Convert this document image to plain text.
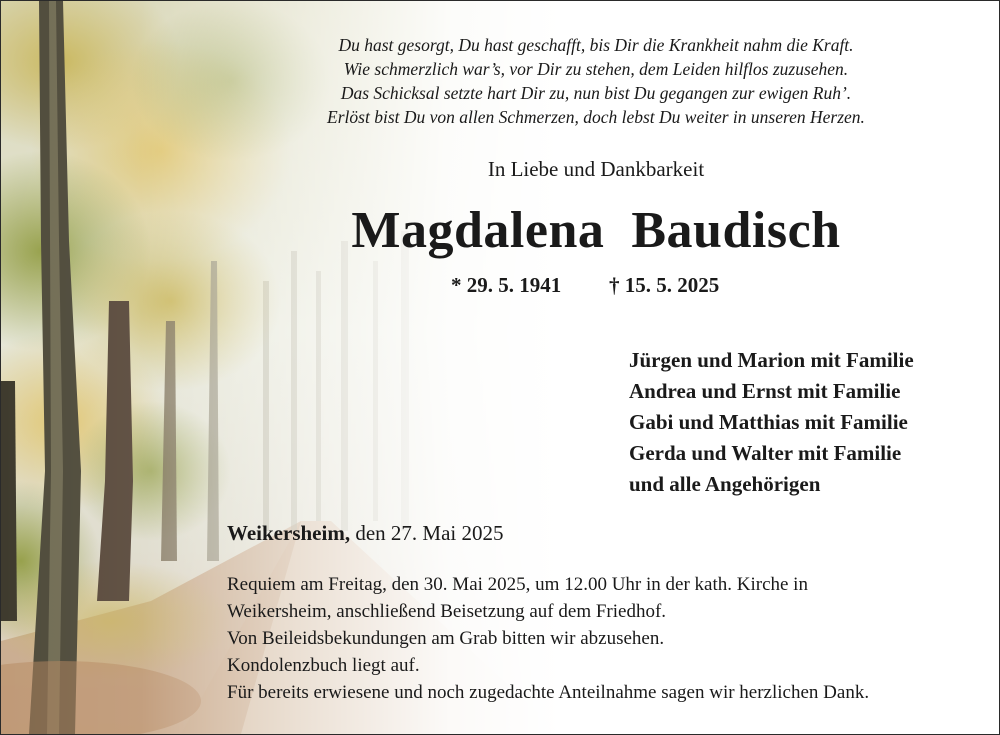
Du hast gesorgt, Du hast geschafft, bis Dir die Krankheit nahm die Kraft.
Wie schmerzlich war’s, vor Dir zu stehen, dem Leiden hilflos zuzusehen.
Das Schicksal setzte hart Dir zu, nun bist Du gegangen zur ewigen Ruh’.
Erlöst bist Du von allen Schmerzen, doch lebst Du weiter in unseren Herzen.
In Liebe und Dankbarkeit
Magdalena  Baudisch
* 29. 5. 1941 † 15. 5. 2025
Jürgen und Marion mit Familie
Andrea und Ernst mit Familie
Gabi und Matthias mit Familie
Gerda und Walter mit Familie
und alle Angehörigen
Weikersheim, den 27. Mai 2025
Requiem am Freitag, den 30. Mai 2025, um 12.00 Uhr in der kath. Kirche in
Weikersheim, anschließend Beisetzung auf dem Friedhof.
Von Beileidsbekundungen am Grab bitten wir abzusehen.
Kondolenzbuch liegt auf.
Für bereits erwiesene und noch zugedachte Anteilnahme sagen wir herzlichen Dank.
